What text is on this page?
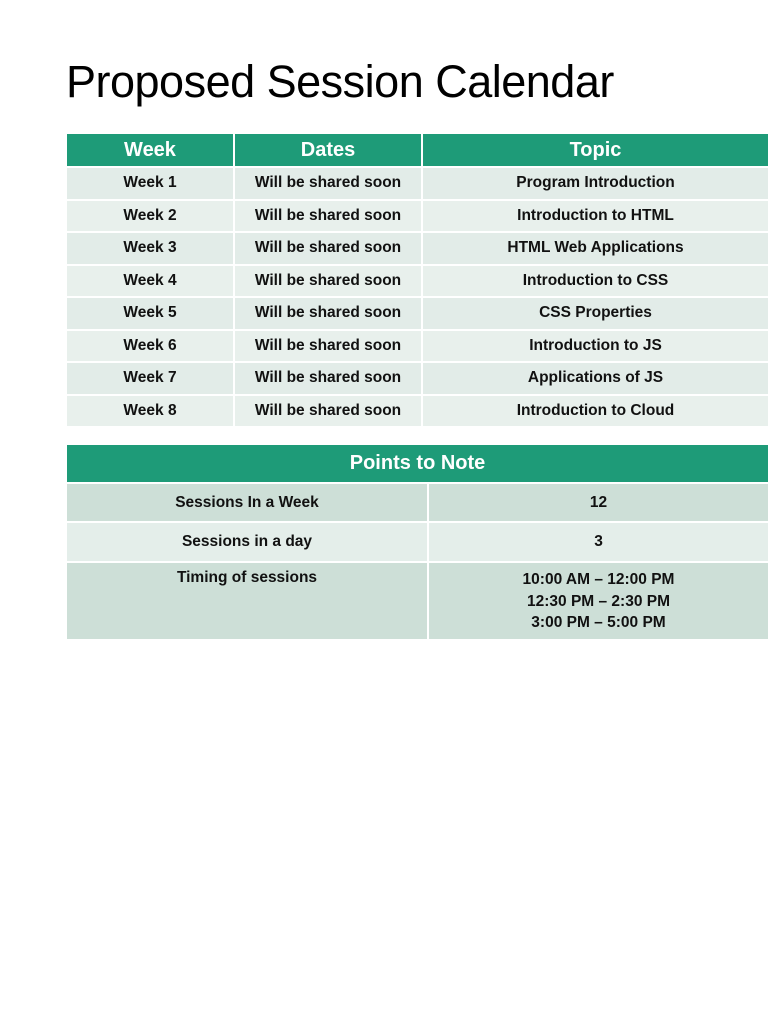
Proposed Session Calendar
Week	Dates	Topic
Week 1	Will be shared soon	Program Introduction
Week 2	Will be shared soon	Introduction to HTML
Week 3	Will be shared soon	HTML Web Applications
Week 4	Will be shared soon	Introduction to CSS
Week 5	Will be shared soon	CSS Properties
Week 6	Will be shared soon	Introduction to JS
Week 7	Will be shared soon	Applications of JS
Week 8	Will be shared soon	Introduction to Cloud
Points to Note	
Sessions In a Week	12
Sessions in a day	3
Timing of sessions	10:00 AM – 12:00 PM
12:30 PM – 2:30 PM
3:00 PM – 5:00 PM
